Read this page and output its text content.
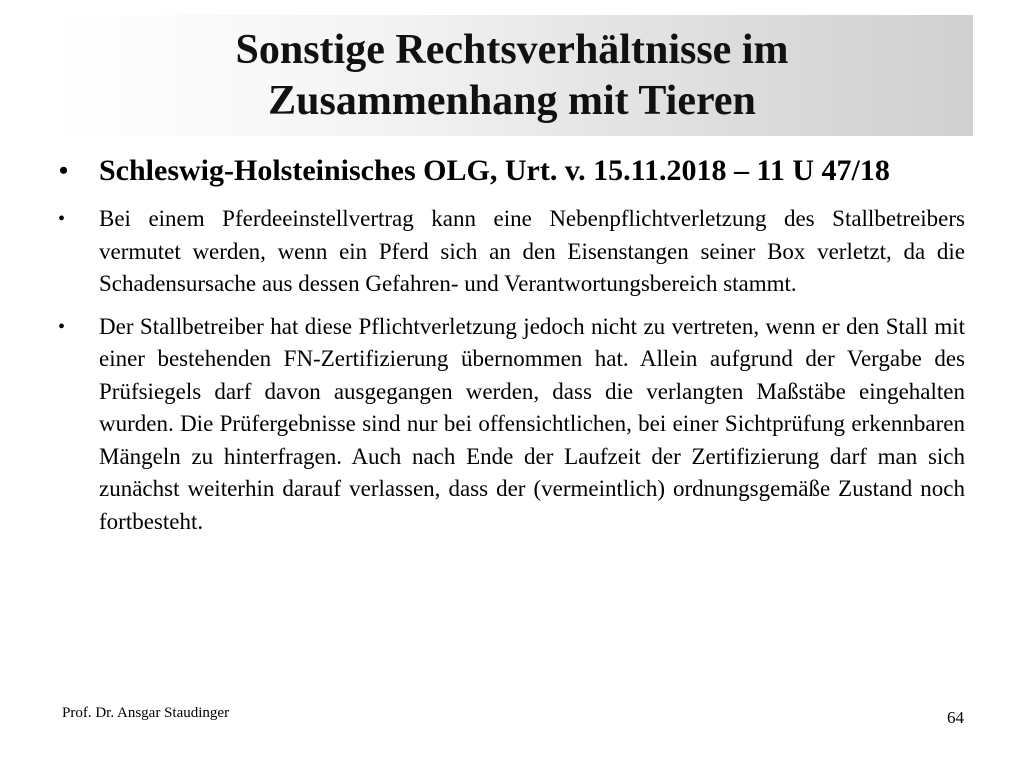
Sonstige Rechtsverhältnisse im
Zusammenhang mit Tieren
• Schleswig-Holsteinisches OLG, Urt. v. 15.11.2018 – 11 U 47/18
• Bei einem Pferdeeinstellvertrag kann eine Nebenpflichtverletzung des Stallbetreibers vermutet werden, wenn ein Pferd sich an den Eisenstangen seiner Box verletzt, da die Schadensursache aus dessen Gefahren- und Verantwortungsbereich stammt.
• Der Stallbetreiber hat diese Pflichtverletzung jedoch nicht zu vertreten, wenn er den Stall mit einer bestehenden FN-Zertifizierung übernommen hat. Allein aufgrund der Vergabe des Prüfsiegels darf davon ausgegangen werden, dass die verlangten Maßstäbe eingehalten wurden. Die Prüfergebnisse sind nur bei offensichtlichen, bei einer Sichtprüfung erkennbaren Mängeln zu hinterfragen. Auch nach Ende der Laufzeit der Zertifizierung darf man sich zunächst weiterhin darauf verlassen, dass der (vermeintlich) ordnungsgemäße Zustand noch fortbesteht.
Prof. Dr. Ansgar Staudinger	64
